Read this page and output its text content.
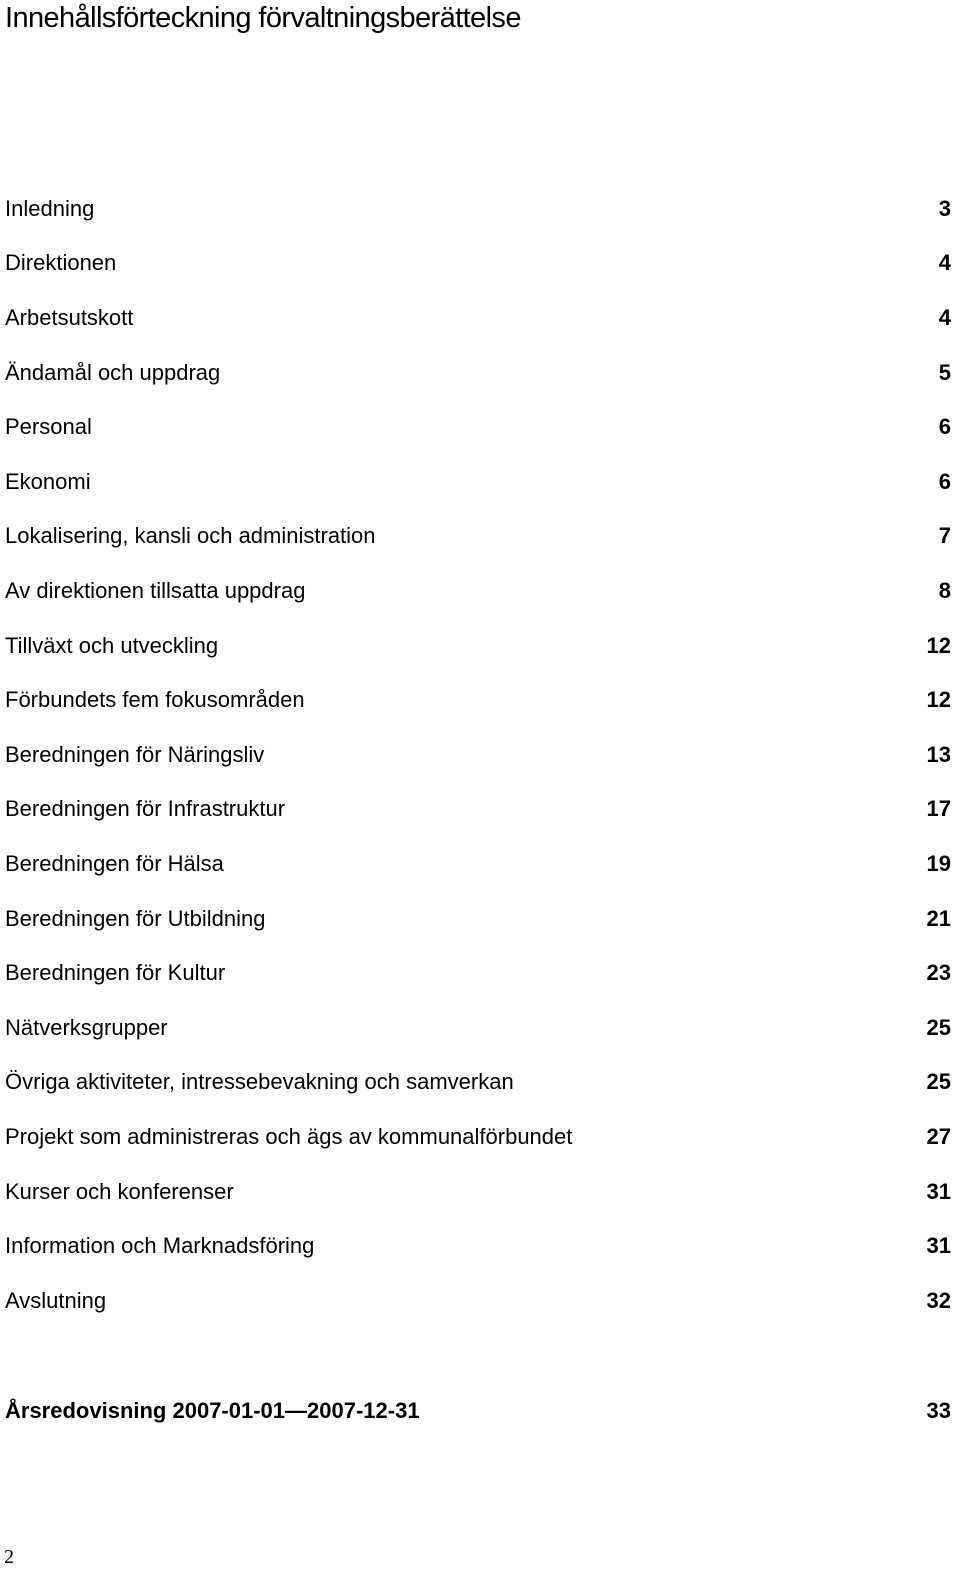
Innehållsförteckning förvaltningsberättelse
Inledning	3
Direktionen	4
Arbetsutskott	4
Ändamål och uppdrag	5
Personal	6
Ekonomi	6
Lokalisering, kansli och administration	7
Av direktionen tillsatta uppdrag	8
Tillväxt och utveckling	12
Förbundets fem fokusområden	12
Beredningen för Näringsliv	13
Beredningen för Infrastruktur	17
Beredningen för Hälsa	19
Beredningen för Utbildning	21
Beredningen för Kultur	23
Nätverksgrupper	25
Övriga aktiviteter, intressebevakning och samverkan	25
Projekt som administreras och ägs av kommunalförbundet	27
Kurser och konferenser	31
Information och Marknadsföring	31
Avslutning	32
Årsredovisning 2007-01-01—2007-12-31	33
2
